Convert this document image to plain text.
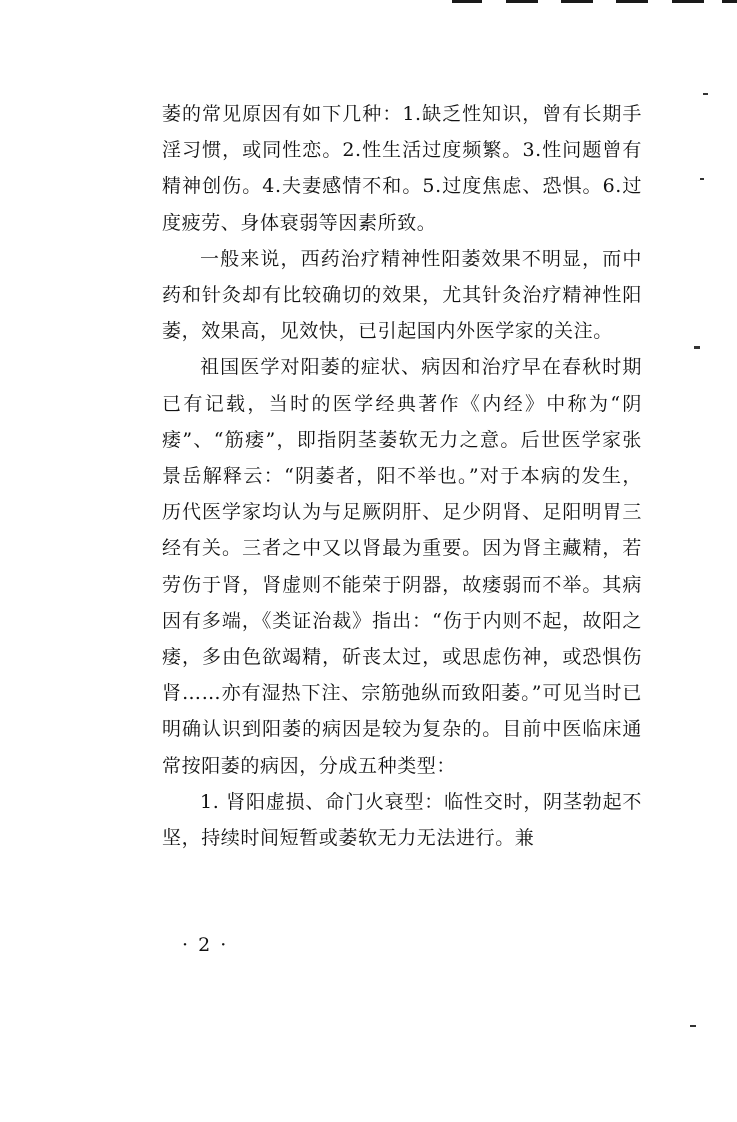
萎的常见原因有如下几种：1.缺乏性知识，曾有长期手淫习惯，或同性恋。2.性生活过度频繁。3.性问题曾有精神创伤。4.夫妻感情不和。5.过度焦虑、恐惧。6.过度疲劳、身体衰弱等因素所致。

一般来说，西药治疗精神性阳萎效果不明显，而中药和针灸却有比较确切的效果，尤其针灸治疗精神性阳萎，效果高，见效快，已引起国内外医学家的关注。

祖国医学对阳萎的症状、病因和治疗早在春秋时期已有记载，当时的医学经典著作《内经》中称为“阴痿”、“筋痿”，即指阴茎萎软无力之意。后世医学家张景岳解释云：“阴萎者，阳不举也。”对于本病的发生，历代医学家均认为与足厥阴肝、足少阴肾、足阳明胃三经有关。三者之中又以肾最为重要。因为肾主藏精，若劳伤于肾，肾虚则不能荣于阴器，故痿弱而不举。其病因有多端，《类证治裁》指出：“伤于内则不起，故阳之痿，多由色欲竭精，斫丧太过，或思虑伤神，或恐惧伤肾……亦有湿热下注、宗筋弛纵而致阳萎。”可见当时已明确认识到阳萎的病因是较为复杂的。目前中医临床通常按阳萎的病因，分成五种类型：

1. 肾阳虚损、命门火衰型：临性交时，阴茎勃起不坚，持续时间短暂或萎软无力无法进行。兼

· 2 ·
